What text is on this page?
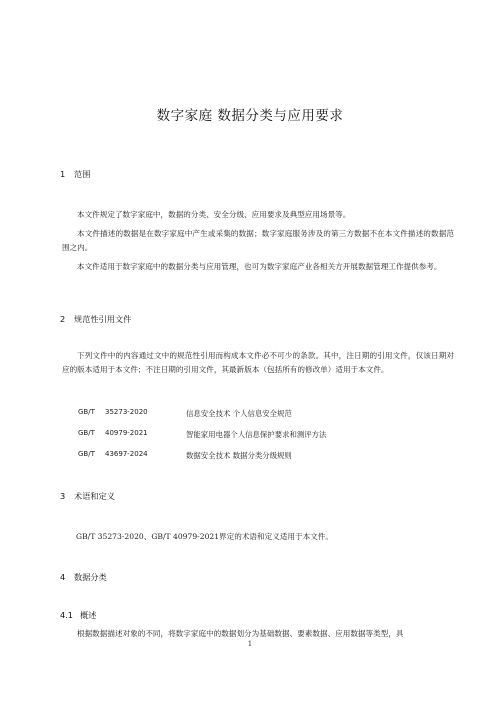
数字家庭 数据分类与应用要求
1 范围

本文件规定了数字家庭中，数据的分类、安全分级、应用要求及典型应用场景等。

本文件描述的数据是在数字家庭中产生或采集的数据；数字家庭服务涉及的第三方数据不在本文件描述的数据范围之内。

本文件适用于数字家庭中的数据分类与应用管理，也可为数字家庭产业各相关方开展数据管理工作提供参考。

2 规范性引用文件

下列文件中的内容通过文中的规范性引用而构成本文件必不可少的条款。其中，注日期的引用文件，仅该日期对应的版本适用于本文件；不注日期的引用文件，其最新版本（包括所有的修改单）适用于本文件。

GB/T 35273-2020	信息安全技术 个人信息安全规范
GB/T 40979-2021	智能家用电器个人信息保护要求和测评方法
GB/T 43697-2024	数据安全技术 数据分类分级规则
3 术语和定义
GB/T 35273-2020、GB/T 40979-2021界定的术语和定义适用于本文件。
4 数据分类
4.1 概述

根据数据描述对象的不同，将数字家庭中的数据划分为基础数据、要素数据、应用数据等类型，具

1
